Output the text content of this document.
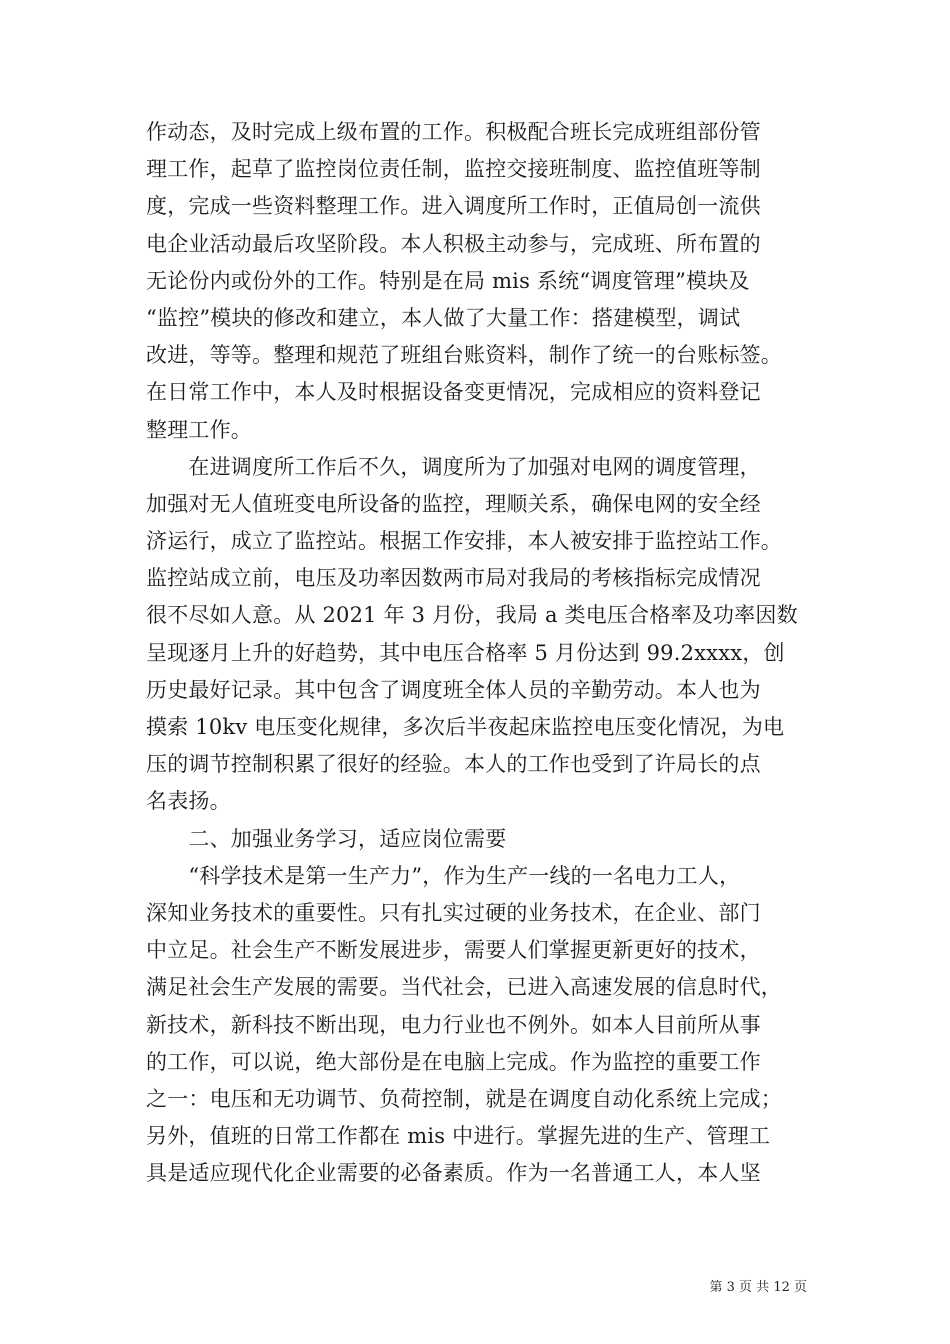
作动态，及时完成上级布置的工作。积极配合班长完成班组部份管
理工作，起草了监控岗位责任制，监控交接班制度、监控值班等制
度，完成一些资料整理工作。进入调度所工作时，正值局创一流供
电企业活动最后攻坚阶段。本人积极主动参与，完成班、所布置的
无论份内或份外的工作。特别是在局 mis 系统“调度管理”模块及
“监控”模块的修改和建立，本人做了大量工作：搭建模型，调试
改进，等等。整理和规范了班组台账资料，制作了统一的台账标签。
在日常工作中，本人及时根据设备变更情况，完成相应的资料登记
整理工作。
　　在进调度所工作后不久，调度所为了加强对电网的调度管理，
加强对无人值班变电所设备的监控，理顺关系，确保电网的安全经
济运行，成立了监控站。根据工作安排，本人被安排于监控站工作。
监控站成立前，电压及功率因数两市局对我局的考核指标完成情况
很不尽如人意。从 2021 年 3 月份，我局 a 类电压合格率及功率因数
呈现逐月上升的好趋势，其中电压合格率 5 月份达到 99.2xxxx，创
历史最好记录。其中包含了调度班全体人员的辛勤劳动。本人也为
摸索 10kv 电压变化规律，多次后半夜起床监控电压变化情况，为电
压的调节控制积累了很好的经验。本人的工作也受到了许局长的点
名表扬。
　　二、加强业务学习，适应岗位需要
　　“科学技术是第一生产力”，作为生产一线的一名电力工人，
深知业务技术的重要性。只有扎实过硬的业务技术，在企业、部门
中立足。社会生产不断发展进步，需要人们掌握更新更好的技术，
满足社会生产发展的需要。当代社会，已进入高速发展的信息时代，
新技术，新科技不断出现，电力行业也不例外。如本人目前所从事
的工作，可以说，绝大部份是在电脑上完成。作为监控的重要工作
之一：电压和无功调节、负荷控制，就是在调度自动化系统上完成；
另外，值班的日常工作都在 mis 中进行。掌握先进的生产、管理工
具是适应现代化企业需要的必备素质。作为一名普通工人，本人坚
第 3 页 共 12 页
